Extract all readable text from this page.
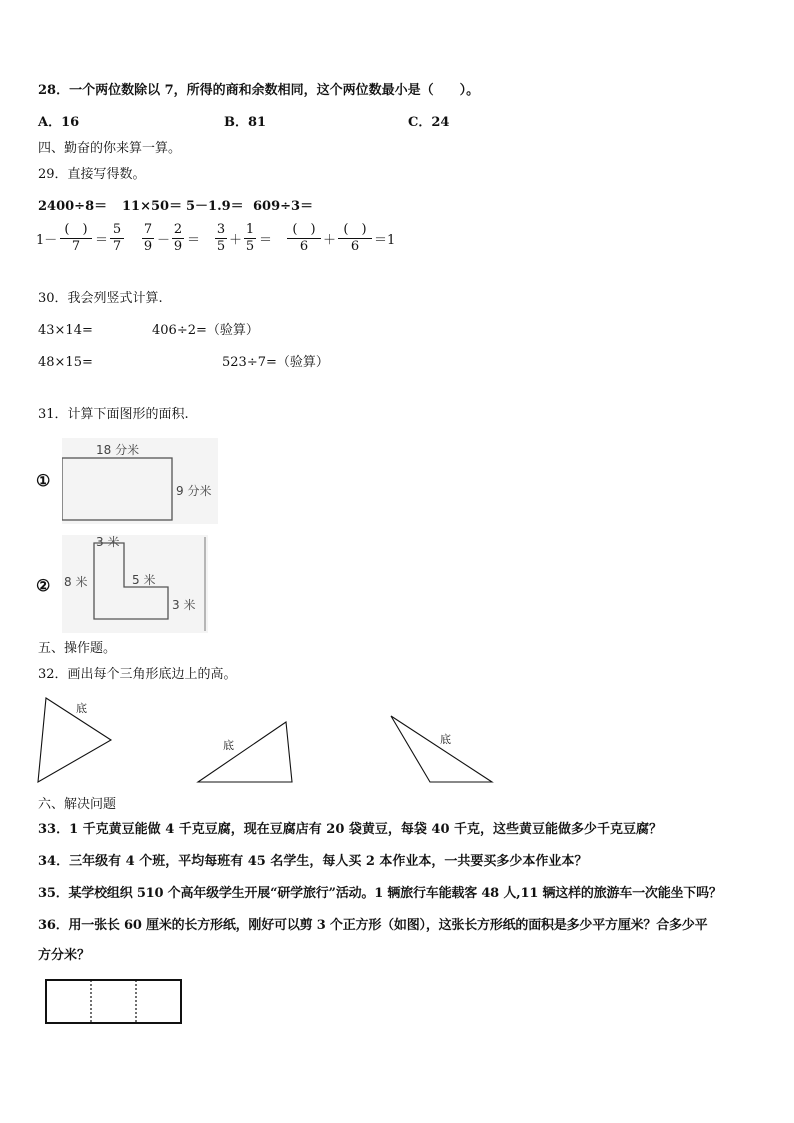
28．一个两位数除以 7，所得的商和余数相同，这个两位数最小是（　　）。
A．16	B．81	C．24
四、勤奋的你来算一算。
29．直接写得数。
2400÷8＝ 11×50＝ 5－1.9＝ 609÷3＝
1－
(　)
7	＝ $\frac{5}{7} \frac{7}{9} - \frac{2}{9} = \frac{3}{5} + \frac{1}{5}$ ＝
(　)
6	＋
(　)
6	＝1
30．我会列竖式计算.
43×14=	406÷2=（验算）
48×15=	523÷7=（验算）
31．计算下面图形的面积.
①
18 分米
9 分米
②
3 米
8 米	5 米
3 米
五、操作题。
32．画出每个三角形底边上的高。
底
底	底
六、解决问题
33．1 千克黄豆能做 4 千克豆腐，现在豆腐店有 20 袋黄豆，每袋 40 千克，这些黄豆能做多少千克豆腐？
34．三年级有 4 个班，平均每班有 45 名学生，每人买 2 本作业本，一共要买多少本作业本？
35．某学校组织 510 个高年级学生开展“研学旅行”活动。1 辆旅行车能载客 48 人,11 辆这样的旅游车一次能坐下吗？
36．用一张长 60 厘米的长方形纸，刚好可以剪 3 个正方形（如图），这张长方形纸的面积是多少平方厘米？合多少平
方分米？
